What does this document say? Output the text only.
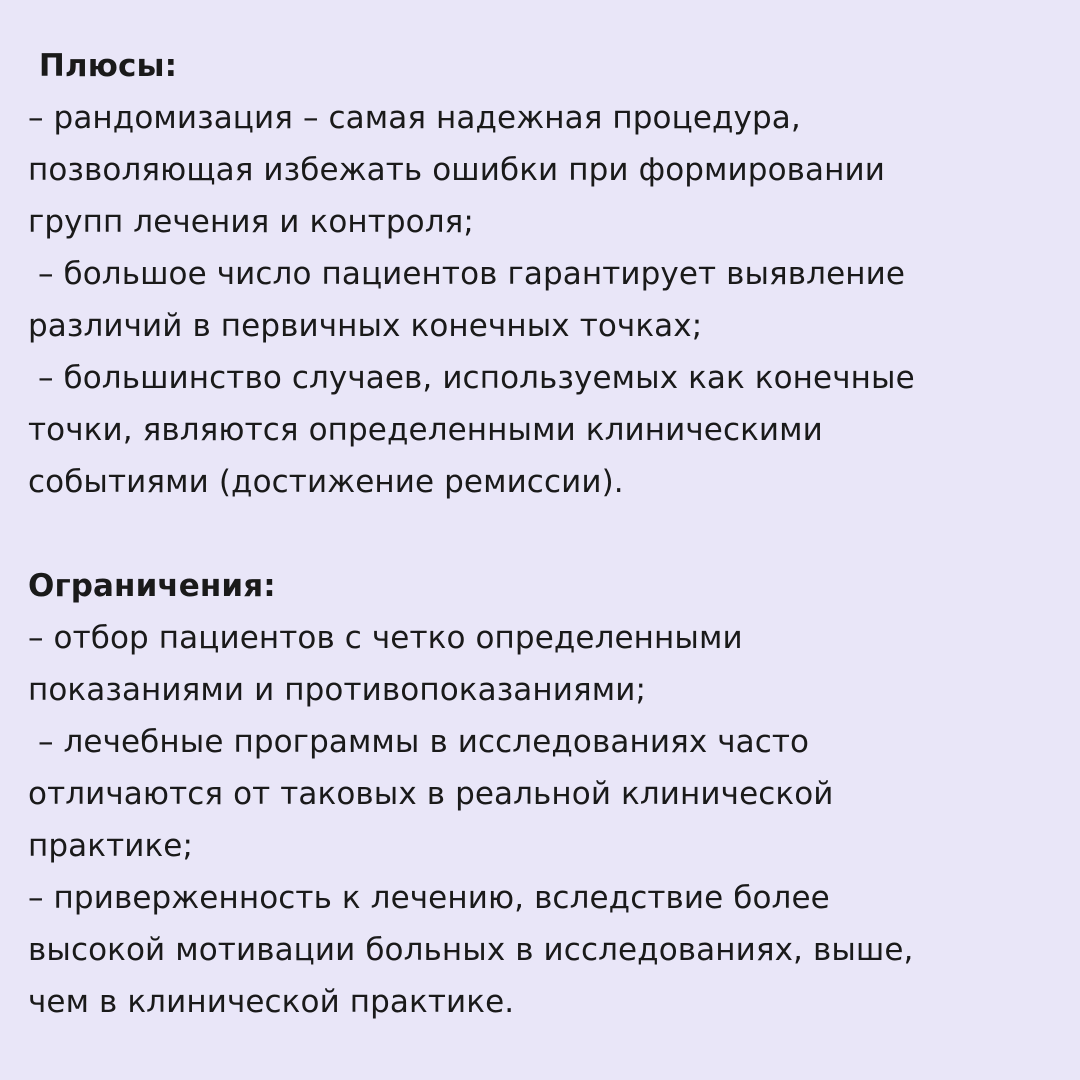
Плюсы:
– рандомизация – самая надежная процедура,
позволяющая избежать ошибки при формировании
групп лечения и контроля;
– большое число пациентов гарантирует выявление
различий в первичных конечных точках;
– большинство случаев, используемых как конечные
точки, являются определенными клиническими
событиями (достижение ремиссии).
Ограничения:
– отбор пациентов с четко определенными
показаниями и противопоказаниями;
– лечебные программы в исследованиях часто
отличаются от таковых в реальной клинической
практике;
– приверженность к лечению, вследствие более
высокой мотивации больных в исследованиях, выше,
чем в клинической практике.
